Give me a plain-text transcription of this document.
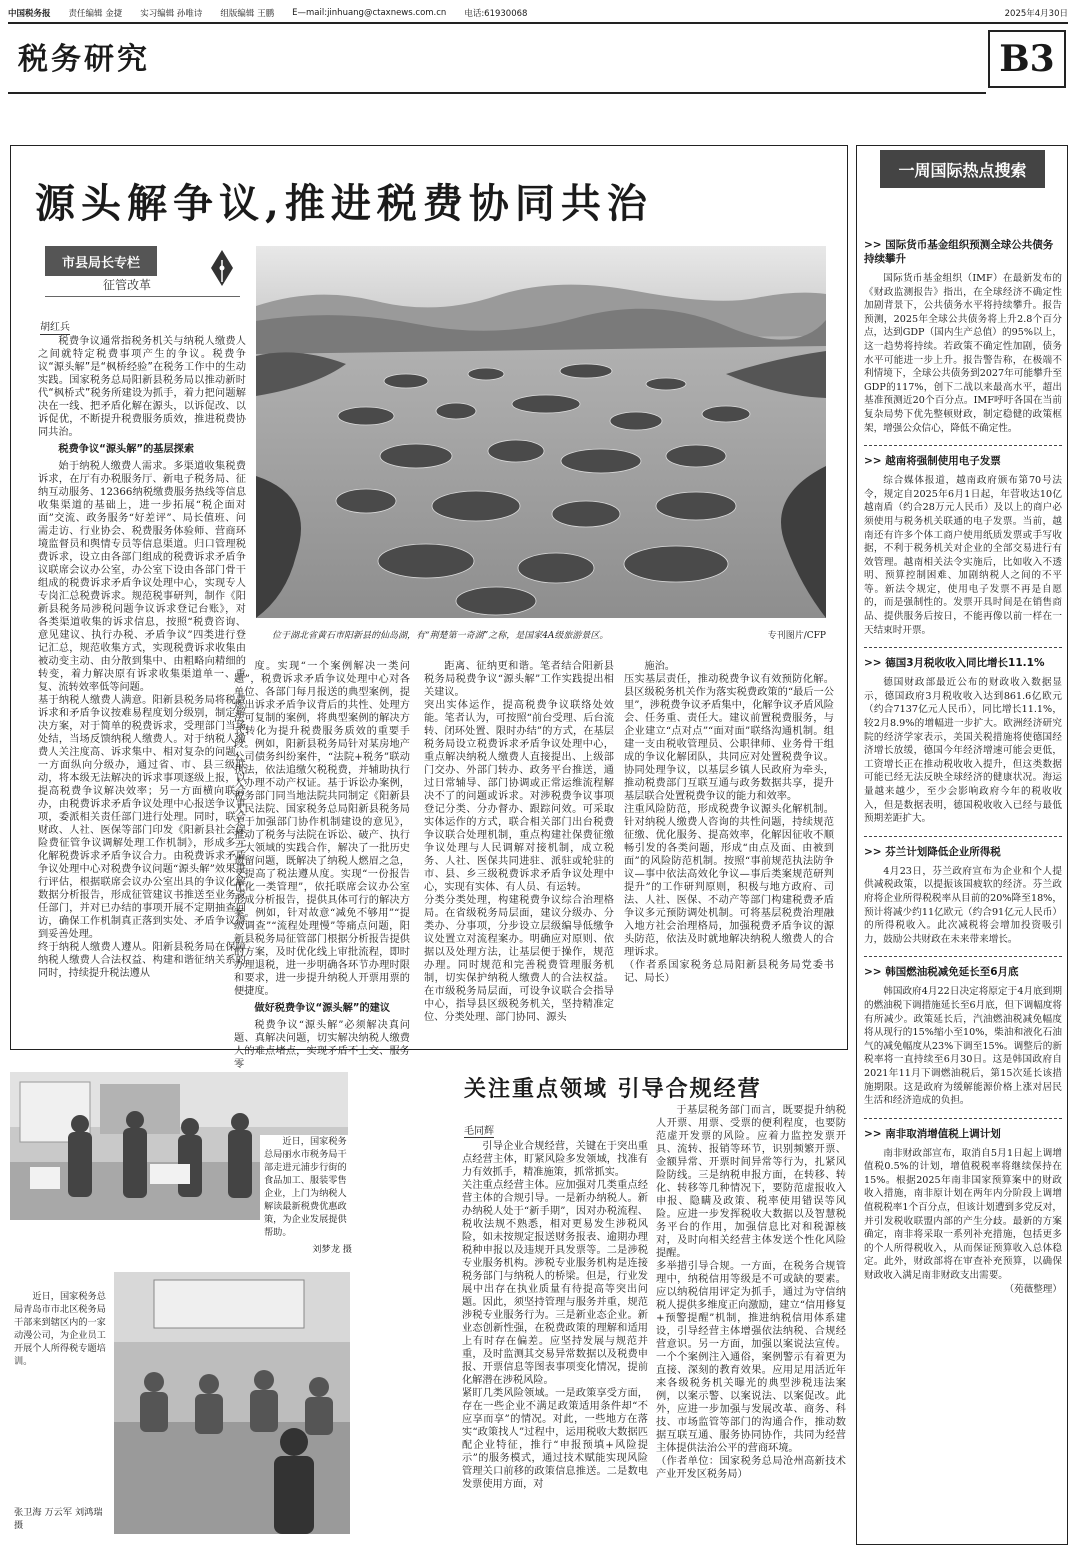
中国税务报 责任编辑 金捷 实习编辑 孙唯诗 组版编辑 王鹏 E—mail:jinhuang@ctaxnews.com.cn 电话:61930068	2025年4月30日
税务研究	B3
源头解争议,推进税费协同共治
市县局长专栏
征管改革
胡红兵

税费争议通常指税务机关与纳税人缴费人之间就特定税费事项产生的争议。税费争议“源头解”是“枫桥经验”在税务工作中的生动实践。国家税务总局阳新县税务局以推动新时代“枫桥式”税务所建设为抓手，着力把问题解决在一线、把矛盾化解在源头，以诉促改、以诉促优，不断提升税费服务质效，推进税费协同共治。

税费争议“源头解”的基层探索

始于纳税人缴费人需求。多渠道收集税费诉求，在厅有办税服务厅、新电子税务局、征纳互动服务、12366纳税缴费服务热线等信息收集渠道的基础上，进一步拓展“税企面对面”交流、政务服务“好差评”、局长值班、问需走访、行业协会、税费服务体验师、营商环境监督员和舆情专员等信息渠道。归口管理税费诉求，设立由各部门组成的税费诉求矛盾争议联席会议办公室，办公室下设由各部门骨干组成的税费诉求矛盾争议处理中心，实现专人专岗汇总税费诉求。规范税事研判，制作《阳新县税务局涉税问题争议诉求登记台账》，对各类渠道收集的诉求信息，按照“税费咨询、意见建议、执行办税、矛盾争议”四类进行登记汇总，规范收集方式，实现税费诉求收集由被动变主动、由分散到集中、由粗略向精细的转变，着力解决原有诉求收集渠道单一、重复、流转效率低等问题。
基于纳税人缴费人满意。阳新县税务局将税费诉求和矛盾争议按难易程度划分级别，制定解决方案，对于简单的税费诉求，受理部门当场处结，当场反馈纳税人缴费人。对于纳税人缴费人关注度高、诉求集中、相对复杂的问题，一方面纵向分级办，通过省、市、县三级联动，将本级无法解决的诉求事项逐级上报，以提高税费争议解决效率；另一方面横向联合办，由税费诉求矛盾争议处理中心报送争议事项，委派相关责任部门进行处理。同时，联合财政、人社、医保等部门印发《阳新县社会保险费征管争议调解处理工作机制》，形成多元化解税费诉求矛盾争议合力。由税费诉求矛盾争议处理中心对税费争议问题“源头解”效果进行评估，根据联席会议办公室出具的争议化解数据分析报告，形成征管建议书推送至业务责任部门，并对已办结的事项开展不定期抽查回访，确保工作机制真正落到实处、矛盾争议得到妥善处理。
终于纳税人缴费人遵从。阳新县税务局在保障纳税人缴费人合法权益、构建和谐征纳关系的同时，持续提升税法遵从

位于湖北省黄石市阳新县的仙岛湖，有“荆楚第一奇湖”之称，是国家4A级旅游景区。	专刊图片/CFP

度。实现“一个案例解决一类问题”，税费诉求矛盾争议处理中心对各单位、各部门每月报送的典型案例，提炼出诉求矛盾争议背后的共性、处理方法可复制的案例，将典型案例的解决方式转化为提升税费服务质效的重要手段。例如，阳新县税务局针对某房地产公司债务纠纷案件，“法院+税务”联动执法，依法追缴欠税税费，并辅助执行人办理不动产权证。基于诉讼办案例，税务部门同当地法院共同制定《阳新县人民法院、国家税务总局阳新县税务局关于加强部门协作机制建设的意见》，推动了税务与法院在诉讼、破产、执行三大领域的实践合作，解决了一批历史遗留问题，既解决了纳税人燃眉之急，又提高了税法遵从度。实现“一份报告优化一类管理”，依托联席会议办公室形成分析报告，提供具体可行的解决方案。例如，针对故意“减免不够用”“提级调查”“流程处理慢”等痛点问题，阳新县税务局征管部门根据分析报告提供的方案，及时优化线上审批流程，即时办理退税，进一步明确各环节办理时限和要求，进一步提升纳税人开票用票的便捷度。

做好税费争议“源头解”的建议

税费争议“源头解”必须解决真问题、真解决问题，切实解决纳税人缴费人的难点堵点，实现矛盾不上交、服务零

距离、征纳更和谐。笔者结合阳新县税务局税费争议“源头解”工作实践提出相关建议。
突出实体运作，提高税费争议联络处效能。笔者认为，可按照“前台受理、后台流转、闭环处置、限时办结”的方式，在基层税务局设立税费诉求矛盾争议处理中心，重点解决纳税人缴费人直接提出、上级部门交办、外部门转办、政务平台推送，通过日常辅导、部门协调或正常运维流程解决不了的问题或诉求。对涉税费争议事项登记分类、分办督办、跟踪问效。可采取实体运作的方式，联合相关部门出台税费争议联合处理机制，重点构建社保费征缴争议处理与人民调解对接机制，成立税务、人社、医保共同进驻、派驻或轮驻的市、县、乡三级税费诉求矛盾争议处理中心，实现有实体、有人员、有运转。
分类分类处理，构建税费争议综合治理格局。在省级税务局层面，建议分级办、分类办、分事项，分步设立层级编导低缴争议处置立对流程案办。明确应对原则、依据以及处理方法，让基层便于操作，规范办理。同时规范和完善税费管理服务机制，切实保护纳税人缴费人的合法权益。在市级税务局层面，可设争议联合会指导中心，指导县区级税务机关，坚持精准定位、分类处理、部门协同、源头

施治。
压实基层责任，推动税费争议有效预防化解。县区级税务机关作为落实税费政策的“最后一公里”，涉税费争议矛盾集中，化解争议矛盾风险会、任务重、责任大。建议前置税费服务，与企业建立“点对点”“面对面”联络沟通机制。组建一支由税收管理员、公职律师、业务骨干组成的争议化解团队，共同应对处置税费争议。协同处理争议，以基层乡镇人民政府为牵头，推动税费部门互联互通与政务数据共享，提升基层联合处置税费争议的能力和效率。
注重风险防范，形成税费争议源头化解机制。针对纳税人缴费人咨询的共性问题，持续规范征缴、优化服务、提高效率，化解因征收不顺畅引发的各类问题，形成“由点及面、由被到面”的风险防范机制。按照“事前规范执法防争议—事中依法高效化争议—事后类案规范研判提升”的工作研判原则，积极与地方政府、司法、人社、医保、不动产等部门构建税费矛盾争议多元预防调处机制。可将基层税费治理融入地方社会治理格局，加强税费矛盾争议的源头防范，依法及时就地解决纳税人缴费人的合理诉求。
（作者系国家税务总局阳新县税务局党委书记、局长）

一周国际热点搜索
>> 国际货币基金组织预测全球公共债务持续攀升
国际货币基金组织（IMF）在最新发布的《财政监测报告》指出，在全球经济不确定性加剧背景下，公共债务水平将持续攀升。报告预测，2025年全球公共债务将上升2.8个百分点，达到GDP（国内生产总值）的95%以上，这一趋势将持续。若政策不确定性加剧，债务水平可能进一步上升。报告警告称，在极端不利情境下，全球公共债务到2027年可能攀升至GDP的117%，创下二战以来最高水平，超出基准预测近20个百分点。IMF呼吁各国在当前复杂局势下优先整顿财政，制定稳健的政策框架，增强公众信心，降低不确定性。
>> 越南将强制使用电子发票
综合媒体报道，越南政府颁布第70号法令，规定自2025年6月1日起，年营收达10亿越南盾（约合28万元人民币）及以上的商户必须使用与税务机关联通的电子发票。当前，越南还有许多个体工商户使用纸质发票或手写收据，不利于税务机关对企业的全部交易进行有效管理。越南相关法令实施后，比如收入不透明、预算控制困难、加剧纳税人之间的不平等。新法令规定，使用电子发票不再是自愿的，而是强制性的。发票开具时间是在销售商品、提供服务后按日，不能再像以前一样在一天结束时开票。
>> 德国3月税收收入同比增长11.1%
德国财政部最近公布的财政收入数据显示，德国政府3月税收收入达到861.6亿欧元（约合7137亿元人民币），同比增长11.1%，较2月8.9%的增幅进一步扩大。欧洲经济研究院的经济学家表示，美国关税措施将使德国经济增长放缓，德国今年经济增速可能会更低，工资增长正在推动税收收入提升，但这类数据可能已经无法反映全球经济的健康状况。海运量越来越少，至少会影响政府今年的税收收入，但是数据表明，德国税收收入已经与最低预期差距扩大。
>> 芬兰计划降低企业所得税
4月23日，芬兰政府宣布为企业和个人提供减税政策，以提振该国疲软的经济。芬兰政府将企业所得税税率从目前的20%降至18%，预计将减少约11亿欧元（约合91亿元人民币）的所得税收入。此次减税将会增加投资吸引力，鼓励公共财政在未来带来增长。
>> 韩国燃油税减免延长至6月底
韩国政府4月22日决定将原定于4月底到期的燃油税下调措施延长至6月底，但下调幅度将有所减少。政策延长后，汽油燃油税减免幅度将从现行的15%缩小至10%，柴油和液化石油气的减免幅度从23%下调至15%。调整后的新税率将一直持续至6月30日。这是韩国政府自2021年11月下调燃油税后，第15次延长该措施期限。这是政府为缓解能源价格上涨对居民生活和经济造成的负担。
>> 南非取消增值税上调计划
南非财政部宣布，取消自5月1日起上调增值税0.5%的计划，增值税税率将继续保持在15%。根据2025年南非国家预算案中的财政收入措施，南非原计划在两年内分阶段上调增值税税率1个百分点，但该计划遭到多党反对，并引发税收联盟内部的产生分歧。最新的方案确定，南非将采取一系列补充措施，包括更多的个人所得税收入，从而保证预算收入总体稳定。此外，财政部将在审查补充预算，以确保财政收入满足南非财政支出需要。
（苑薇整理）
近日，国家税务总局丽水市税务局干部走进元浦步行街的食品加工、服装零售企业，上门为纳税人解读最新税费优惠政策，为企业发展提供帮助。
刘梦龙 摄
近日，国家税务总局青岛市市北区税务局干部来到辖区内的一家动漫公司，为企业员工开展个人所得税专题培训。
张卫海 万云军 刘鸿瑞 摄
关注重点领域 引导合规经营
毛同辉

引导企业合规经营，关键在于突出重点经营主体，盯紧风险多发领域，找准有力有效抓手，精准施策，抓常抓实。
关注重点经营主体。应加强对几类重点经营主体的合规引导。一是新办纳税人。新办纳税人处于“新手期”，因对办税流程、税收法规不熟悉，相对更易发生涉税风险，如未按规定报送财务报表、逾期办理税种申报以及违规开具发票等。二是涉税专业服务机构。涉税专业服务机构是连接税务部门与纳税人的桥梁。但是，行业发展中出存在执业质量有待提高等突出问题。因此，须坚持管理与服务并重，规范涉税专业服务行为。三是新业态企业。新业态创新性强，在税费政策的理解和适用上有时存在偏差。应坚持发展与规范并重，及时监测其交易异常数据以及税费申报、开票信息等图表事项变化情况，提前化解潜在涉税风险。
紧盯几类风险领域。一是政策享受方面，存在一些企业不满足政策适用条件却“不应享而享”的情况。对此，一些地方在落实“政策找人”过程中，运用税收大数据匹配企业特征，推行“申报预填+风险提示”的服务模式，通过技术赋能实现风险管理关口前移的政策信息推送。二是数电发票使用方面，对

于基层税务部门而言，既要提升纳税人开票、用票、受票的便利程度，也要防范虚开发票的风险。应着力监控发票开具、流转、报销等环节，识别频繁开票、金额异常、开票时间异常等行为，扎紧风险防线。三是纳税申报方面，在转移、转化、转移等几种情况下，要防范虚报收入申报、隐瞒及政策、税率使用错误等风险。应进一步发挥税收大数据以及智慧税务平台的作用，加强信息比对和税源核对，及时向相关经营主体发送个性化风险提醒。
多举措引导合规。一方面，在税务合规管理中，纳税信用等级是不可或缺的要素。应以纳税信用评定为抓手，通过为守信纳税人提供多维度正向激励，建立“信用修复+预警提醒”机制，推进纳税信用体系建设，引导经营主体增强依法纳税、合规经营意识。另一方面，加强以案说法宣传。一个个案例注入通俗，案例警示有着更为直接、深刻的教育效果。应用足用活近年来各级税务机关曝光的典型涉税违法案例，以案示警、以案说法、以案促改。此外，应进一步加强与发展改革、商务、科技、市场监管等部门的沟通合作，推动数据互联互通、服务协同协作，共同为经营主体提供法治公平的营商环境。
（作者单位：国家税务总局沧州高新技术产业开发区税务局）
